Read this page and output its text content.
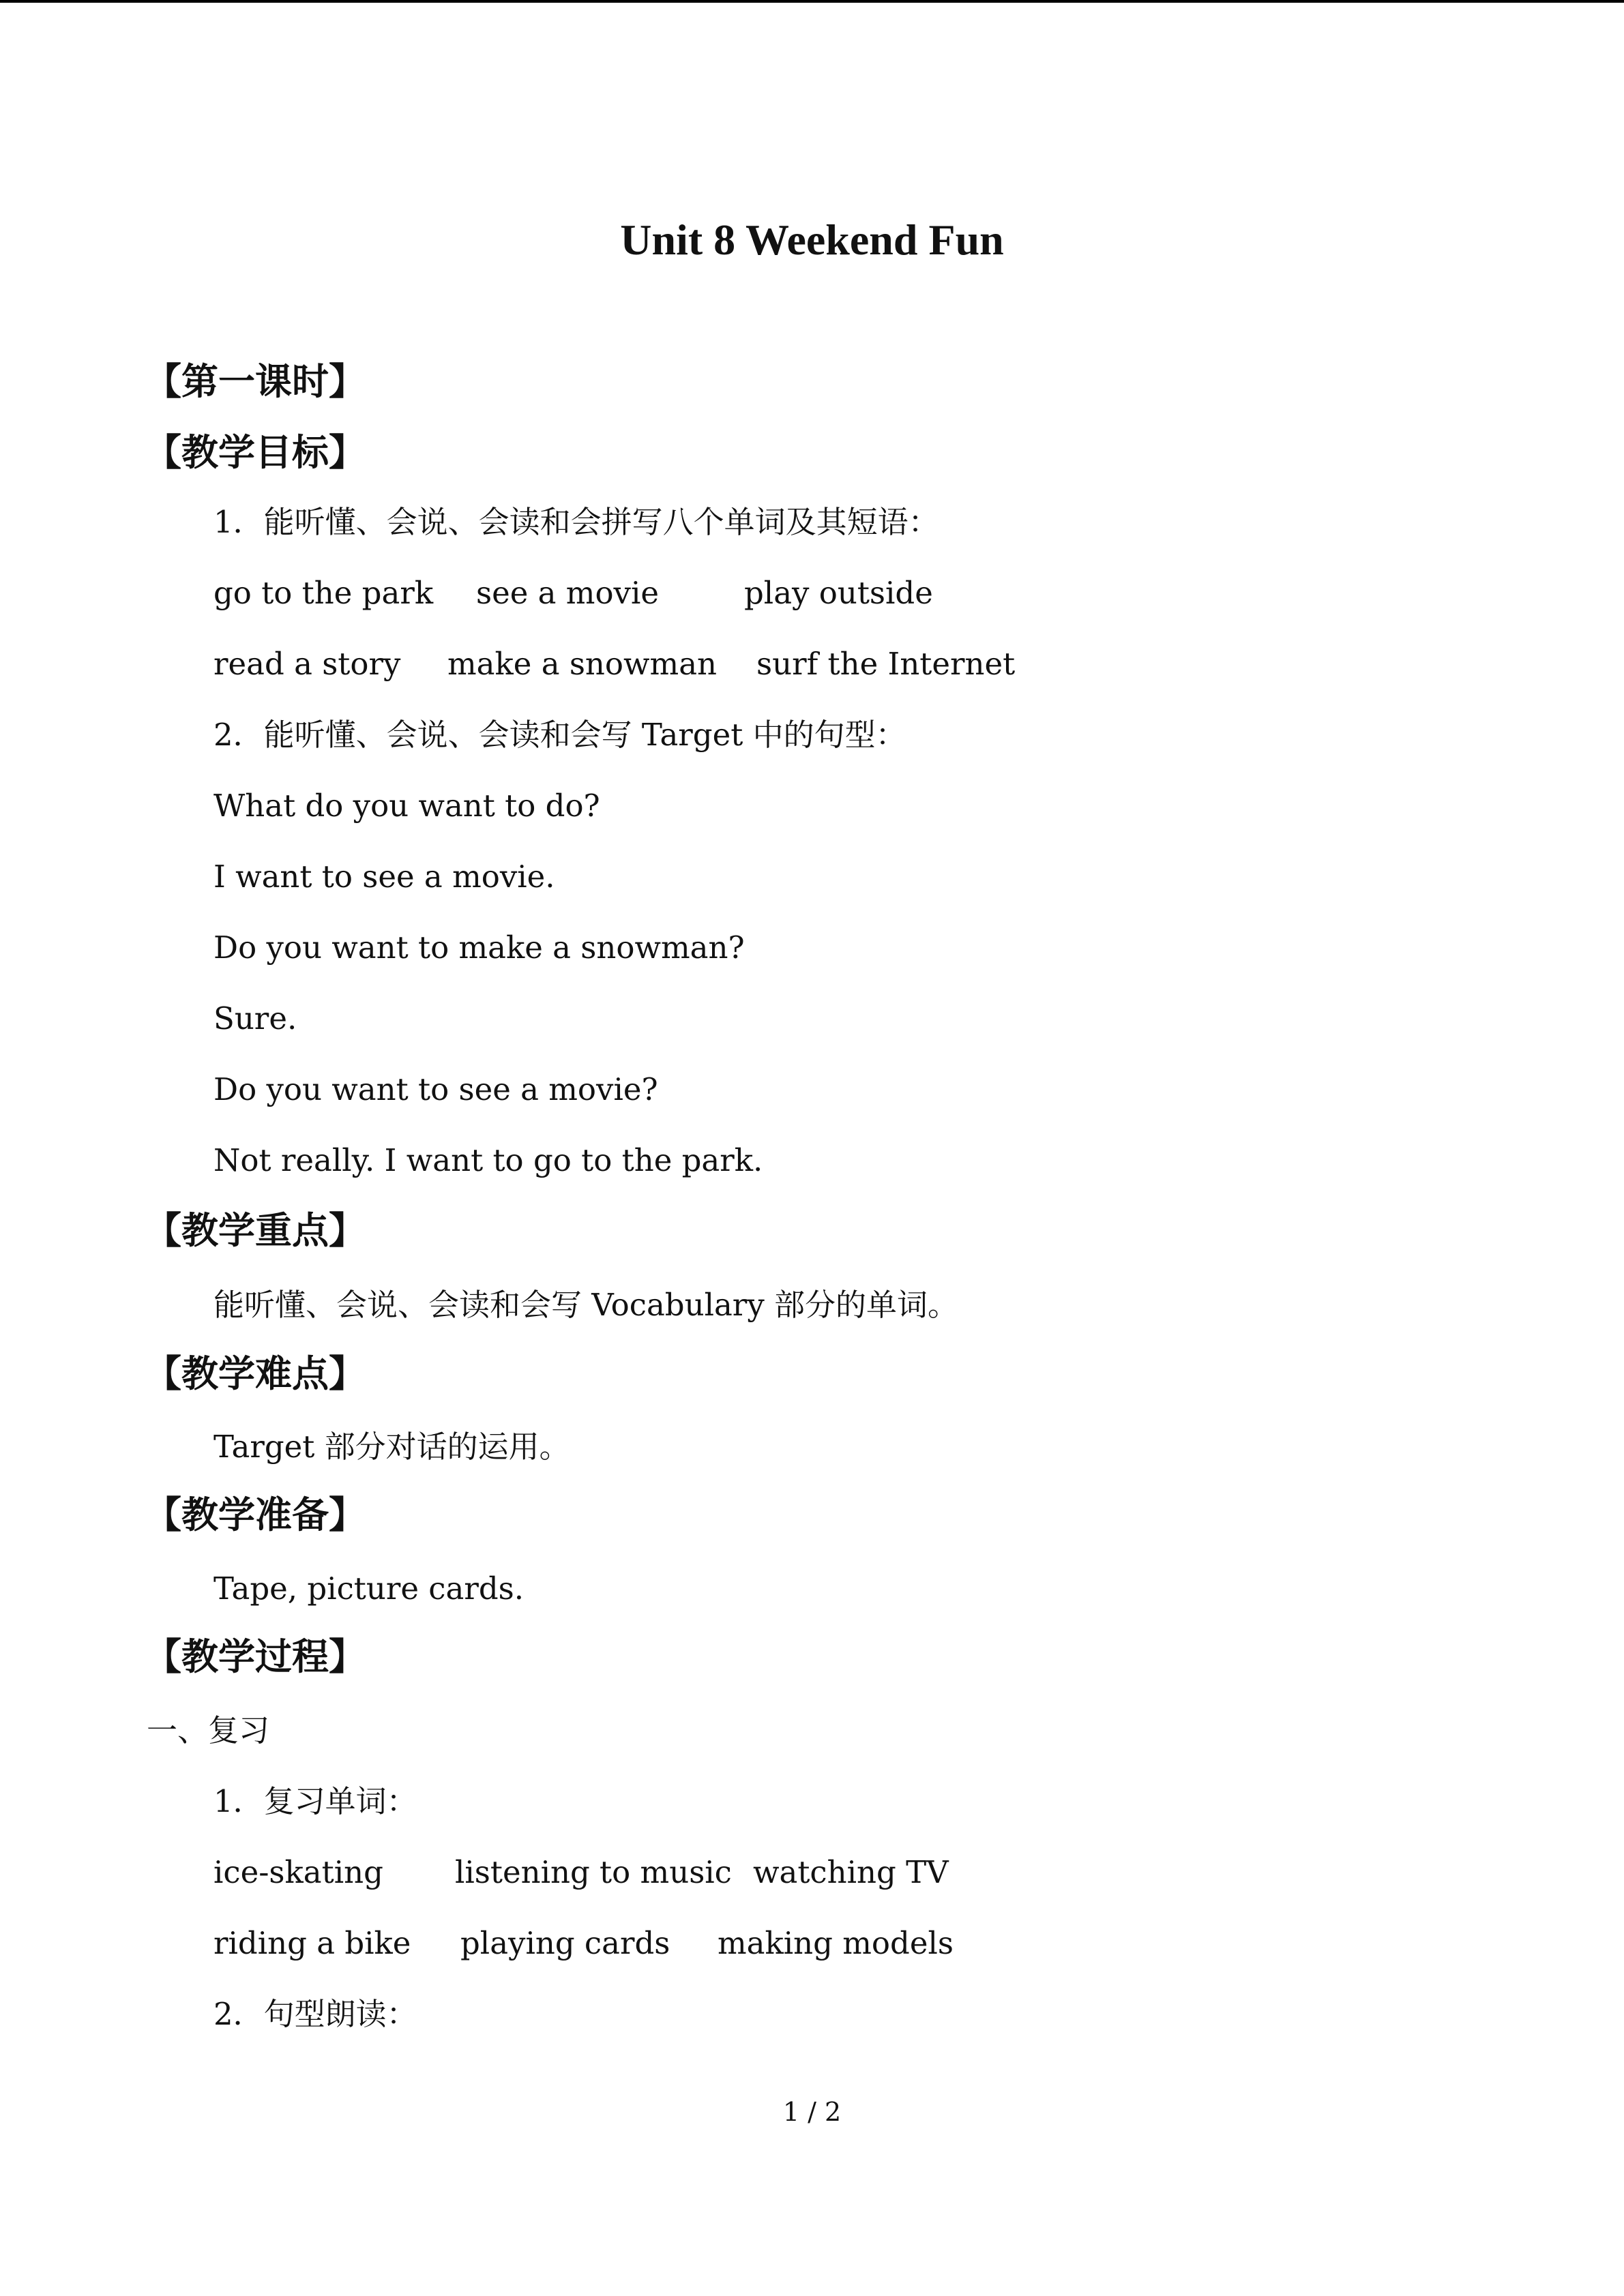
Unit 8 Weekend Fun
【第一课时】
【教学目标】
1．能听懂、会说、会读和会拼写八个单词及其短语：
go to the park see a movie	play outside
read a story make a snowman surf the Internet
2．能听懂、会说、会读和会写 Target 中的句型：
What do you want to do?
I want to see a movie.
Do you want to make a snowman?
Sure.
Do you want to see a movie?
Not really. I want to go to the park.
【教学重点】
能听懂、会说、会读和会写 Vocabulary 部分的单词。
【教学难点】
Target 部分对话的运用。
【教学准备】
Tape, picture cards.
【教学过程】
一、复习
1．复习单词：
ice-skating listening to music watching TV
riding a bike playing cards making models
2．句型朗读：
1 / 2
